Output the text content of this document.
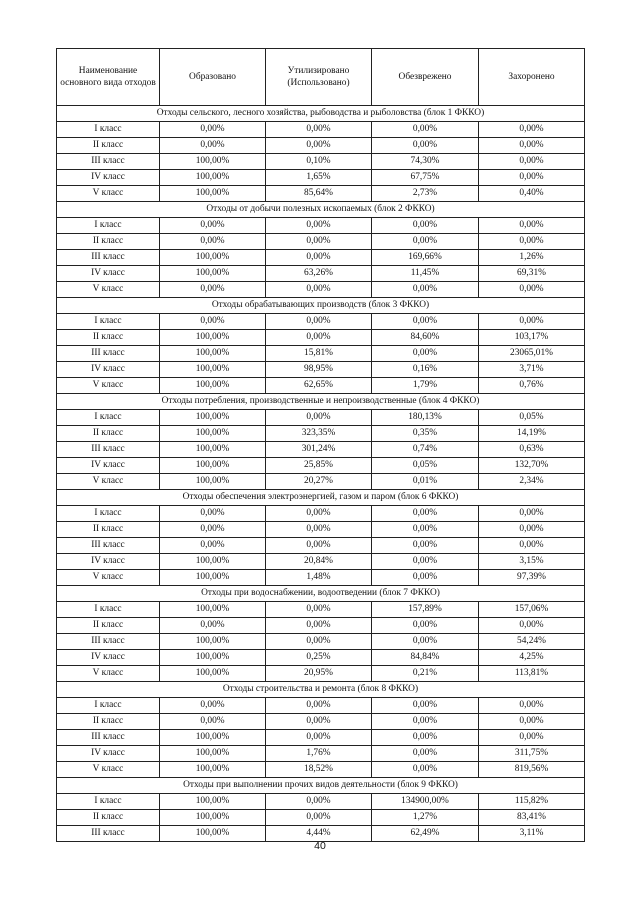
Наименование основного вида отходов	Образовано	Утилизировано (Использовано)	Обезврежено	Захоронено
Отходы сельского, лесного хозяйства, рыбоводства и рыболовства (блок 1 ФККО)				
I класс	0,00%	0,00%	0,00%	0,00%
II класс	0,00%	0,00%	0,00%	0,00%
III класс	100,00%	0,10%	74,30%	0,00%
IV класс	100,00%	1,65%	67,75%	0,00%
V класс	100,00%	85,64%	2,73%	0,40%
Отходы от добычи полезных ископаемых (блок 2 ФККО)				
I класс	0,00%	0,00%	0,00%	0,00%
II класс	0,00%	0,00%	0,00%	0,00%
III класс	100,00%	0,00%	169,66%	1,26%
IV класс	100,00%	63,26%	11,45%	69,31%
V класс	0,00%	0,00%	0,00%	0,00%
Отходы обрабатывающих производств (блок 3 ФККО)				
I класс	0,00%	0,00%	0,00%	0,00%
II класс	100,00%	0,00%	84,60%	103,17%
III класс	100,00%	15,81%	0,00%	23065,01%
IV класс	100,00%	98,95%	0,16%	3,71%
V класс	100,00%	62,65%	1,79%	0,76%
Отходы потребления, производственные и непроизводственные (блок 4 ФККО)				
I класс	100,00%	0,00%	180,13%	0,05%
II класс	100,00%	323,35%	0,35%	14,19%
III класс	100,00%	301,24%	0,74%	0,63%
IV класс	100,00%	25,85%	0,05%	132,70%
V класс	100,00%	20,27%	0,01%	2,34%
Отходы обеспечения электроэнергией, газом и паром (блок 6 ФККО)				
I класс	0,00%	0,00%	0,00%	0,00%
II класс	0,00%	0,00%	0,00%	0,00%
III класс	0,00%	0,00%	0,00%	0,00%
IV класс	100,00%	20,84%	0,00%	3,15%
V класс	100,00%	1,48%	0,00%	97,39%
Отходы при водоснабжении, водоотведении (блок 7 ФККО)				
I класс	100,00%	0,00%	157,89%	157,06%
II класс	0,00%	0,00%	0,00%	0,00%
III класс	100,00%	0,00%	0,00%	54,24%
IV класс	100,00%	0,25%	84,84%	4,25%
V класс	100,00%	20,95%	0,21%	113,81%
Отходы строительства и ремонта (блок 8 ФККО)				
I класс	0,00%	0,00%	0,00%	0,00%
II класс	0,00%	0,00%	0,00%	0,00%
III класс	100,00%	0,00%	0,00%	0,00%
IV класс	100,00%	1,76%	0,00%	311,75%
V класс	100,00%	18,52%	0,00%	819,56%
Отходы при выполнении прочих видов деятельности (блок 9 ФККО)				
I класс	100,00%	0,00%	134900,00%	115,82%
II класс	100,00%	0,00%	1,27%	83,41%
III класс	100,00%	4,44%	62,49%	3,11%
40
